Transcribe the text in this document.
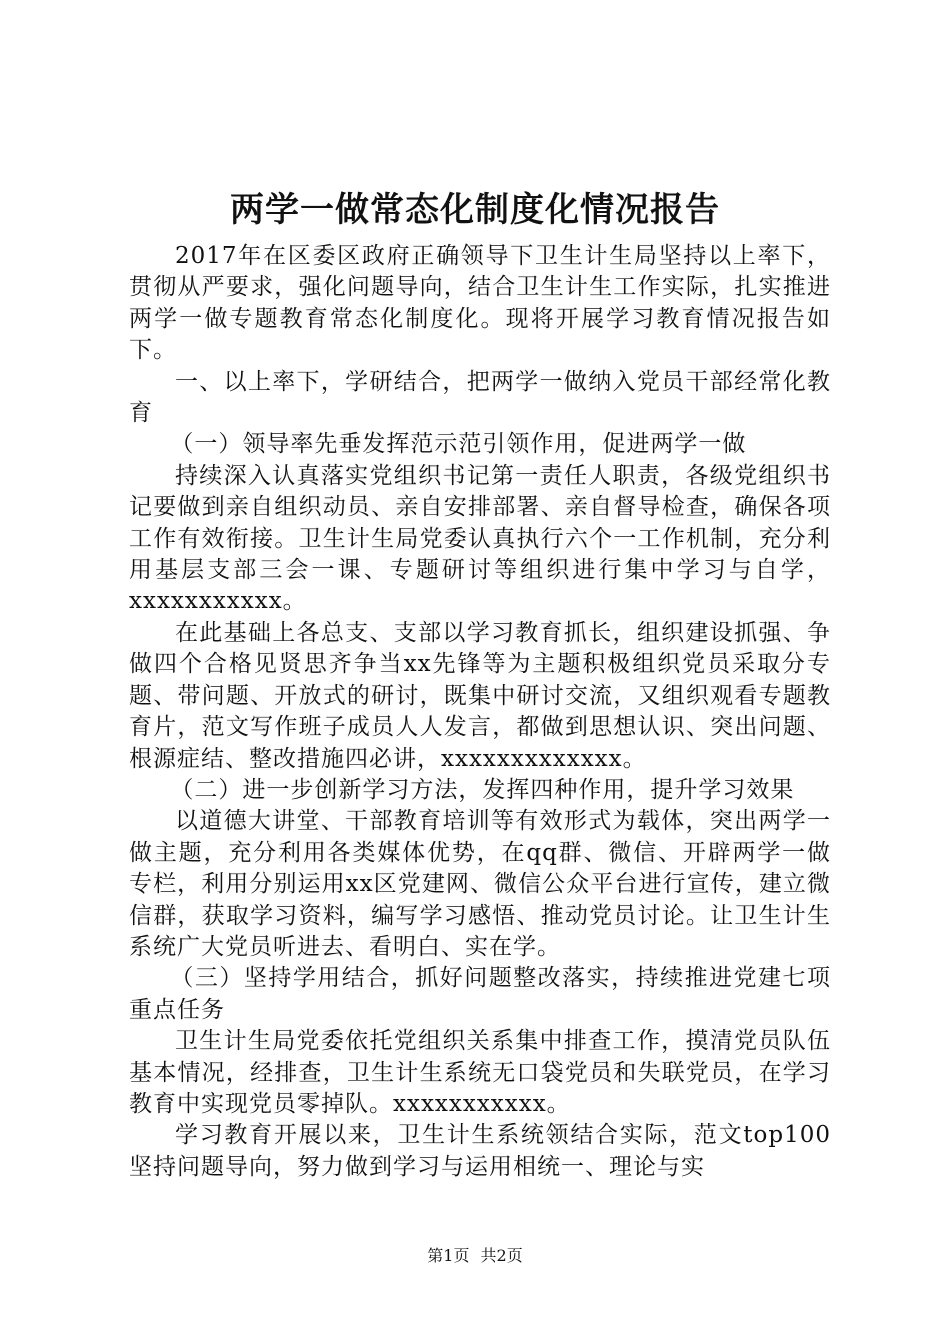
两学一做常态化制度化情况报告

2017年在区委区政府正确领导下卫生计生局坚持以上率下，贯彻从严要求，强化问题导向，结合卫生计生工作实际，扎实推进两学一做专题教育常态化制度化。现将开展学习教育情况报告如下。

一、以上率下，学研结合，把两学一做纳入党员干部经常化教育

（一）领导率先垂发挥范示范引领作用，促进两学一做

持续深入认真落实党组织书记第一责任人职责，各级党组织书记要做到亲自组织动员、亲自安排部署、亲自督导检查，确保各项工作有效衔接。卫生计生局党委认真执行六个一工作机制，充分利用基层支部三会一课、专题研讨等组织进行集中学习与自学，xxxxxxxxxxx。

在此基础上各总支、支部以学习教育抓长，组织建设抓强、争做四个合格见贤思齐争当xx先锋等为主题积极组织党员采取分专题、带问题、开放式的研讨，既集中研讨交流，又组织观看专题教育片，范文写作班子成员人人发言，都做到思想认识、突出问题、根源症结、整改措施四必讲，xxxxxxxxxxxxx。

（二）进一步创新学习方法，发挥四种作用，提升学习效果

以道德大讲堂、干部教育培训等有效形式为载体，突出两学一做主题，充分利用各类媒体优势，在qq群、微信、开辟两学一做专栏，利用分别运用xx区党建网、微信公众平台进行宣传，建立微信群，获取学习资料，编写学习感悟、推动党员讨论。让卫生计生系统广大党员听进去、看明白、实在学。

（三）坚持学用结合，抓好问题整改落实，持续推进党建七项重点任务

卫生计生局党委依托党组织关系集中排查工作，摸清党员队伍基本情况，经排查，卫生计生系统无口袋党员和失联党员，在学习教育中实现党员零掉队。xxxxxxxxxxx。

学习教育开展以来，卫生计生系统领结合实际，范文top100坚持问题导向，努力做到学习与运用相统一、理论与实

第1页 共2页
